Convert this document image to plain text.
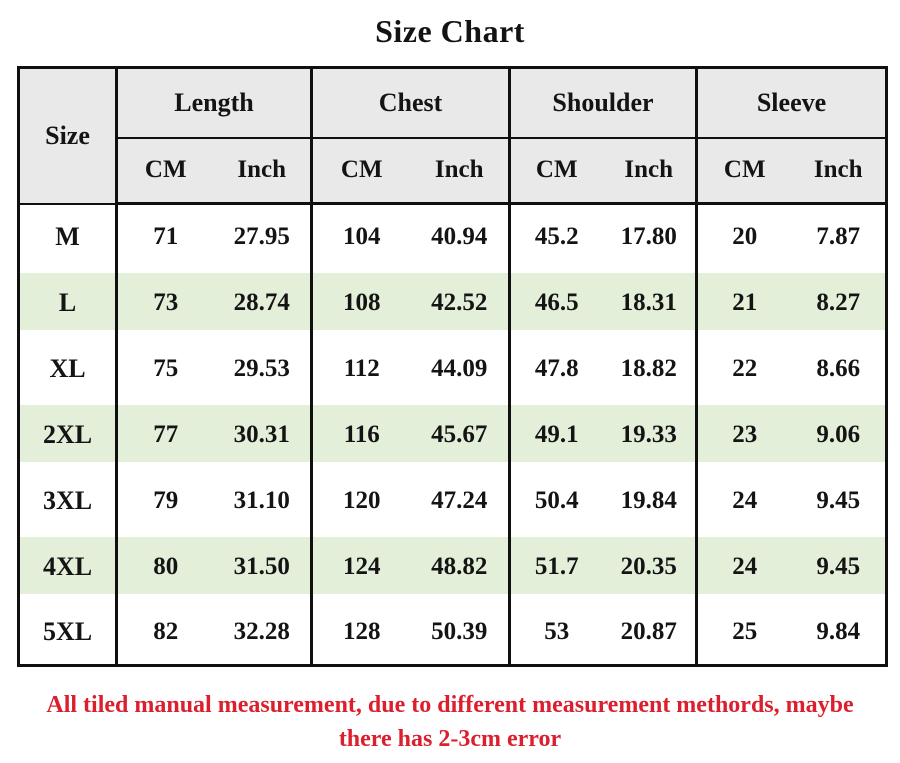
Size Chart
Size	Length		Chest		Shoulder		Sleeve	
	CM	Inch	CM	Inch	CM	Inch	CM	Inch
M	71	27.95	104	40.94	45.2	17.80	20	7.87
L	73	28.74	108	42.52	46.5	18.31	21	8.27
XL	75	29.53	112	44.09	47.8	18.82	22	8.66
2XL	77	30.31	116	45.67	49.1	19.33	23	9.06
3XL	79	31.10	120	47.24	50.4	19.84	24	9.45
4XL	80	31.50	124	48.82	51.7	20.35	24	9.45
5XL	82	32.28	128	50.39	53	20.87	25	9.84
All tiled manual measurement, due to different measurement methords, maybe
there has 2-3cm error
